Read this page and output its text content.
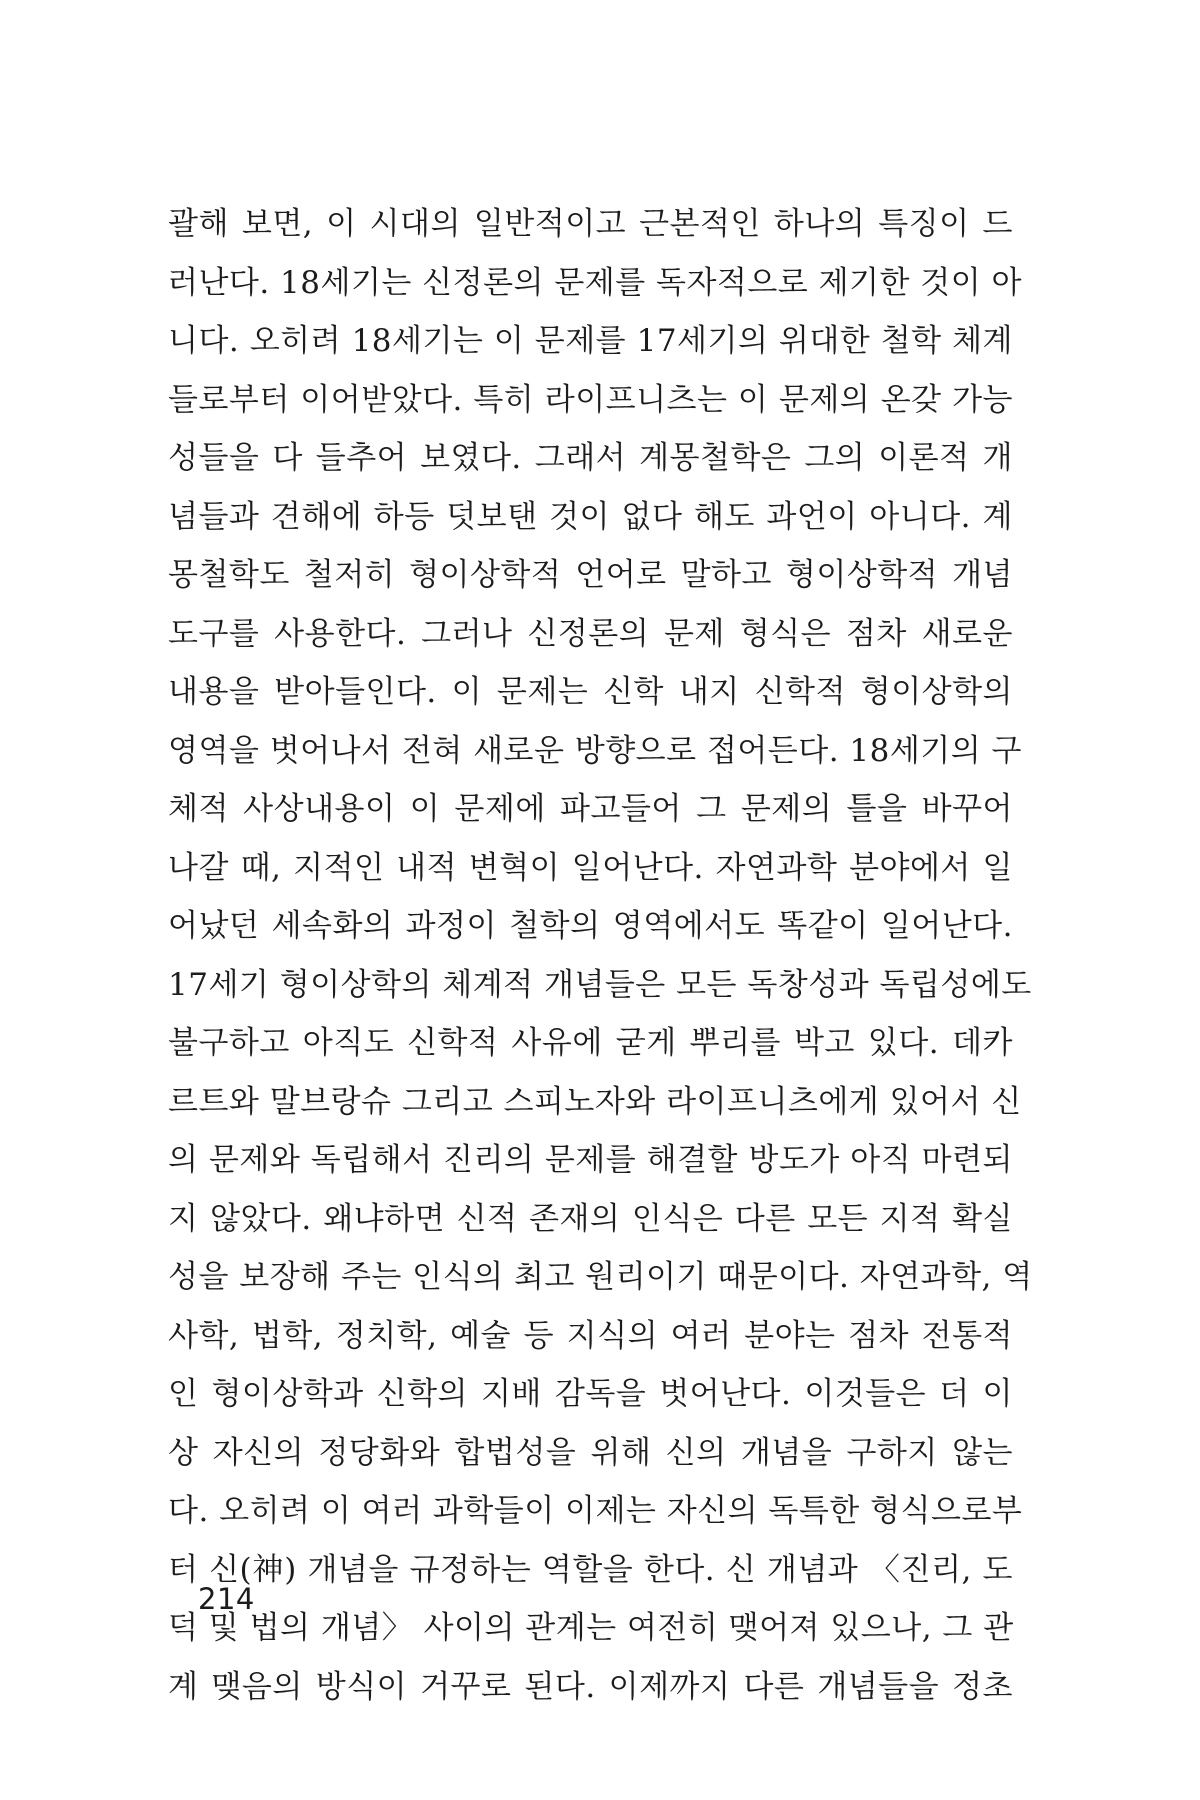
괄해 보면, 이 시대의 일반적이고 근본적인 하나의 특징이 드
러난다. 18세기는 신정론의 문제를 독자적으로 제기한 것이 아
니다. 오히려 18세기는 이 문제를 17세기의 위대한 철학 체계
들로부터 이어받았다. 특히 라이프니츠는 이 문제의 온갖 가능
성들을 다 들추어 보였다. 그래서 계몽철학은 그의 이론적 개
념들과 견해에 하등 덧보탠 것이 없다 해도 과언이 아니다. 계
몽철학도 철저히 형이상학적 언어로 말하고 형이상학적 개념
도구를 사용한다. 그러나 신정론의 문제 형식은 점차 새로운
내용을 받아들인다. 이 문제는 신학 내지 신학적 형이상학의
영역을 벗어나서 전혀 새로운 방향으로 접어든다. 18세기의 구
체적 사상내용이 이 문제에 파고들어 그 문제의 틀을 바꾸어
나갈 때, 지적인 내적 변혁이 일어난다. 자연과학 분야에서 일
어났던 세속화의 과정이 철학의 영역에서도 똑같이 일어난다.
17세기 형이상학의 체계적 개념들은 모든 독창성과 독립성에도
불구하고 아직도 신학적 사유에 굳게 뿌리를 박고 있다. 데카
르트와 말브랑슈 그리고 스피노자와 라이프니츠에게 있어서 신
의 문제와 독립해서 진리의 문제를 해결할 방도가 아직 마련되
지 않았다. 왜냐하면 신적 존재의 인식은 다른 모든 지적 확실
성을 보장해 주는 인식의 최고 원리이기 때문이다. 자연과학, 역
사학, 법학, 정치학, 예술 등 지식의 여러 분야는 점차 전통적
인 형이상학과 신학의 지배 감독을 벗어난다. 이것들은 더 이
상 자신의 정당화와 합법성을 위해 신의 개념을 구하지 않는
다. 오히려 이 여러 과학들이 이제는 자신의 독특한 형식으로부
터 신(神) 개념을 규정하는 역할을 한다. 신 개념과 〈진리, 도
덕 및 법의 개념〉 사이의 관계는 여전히 맺어져 있으나, 그 관
계 맺음의 방식이 거꾸로 된다. 이제까지 다른 개념들을 정초
214
